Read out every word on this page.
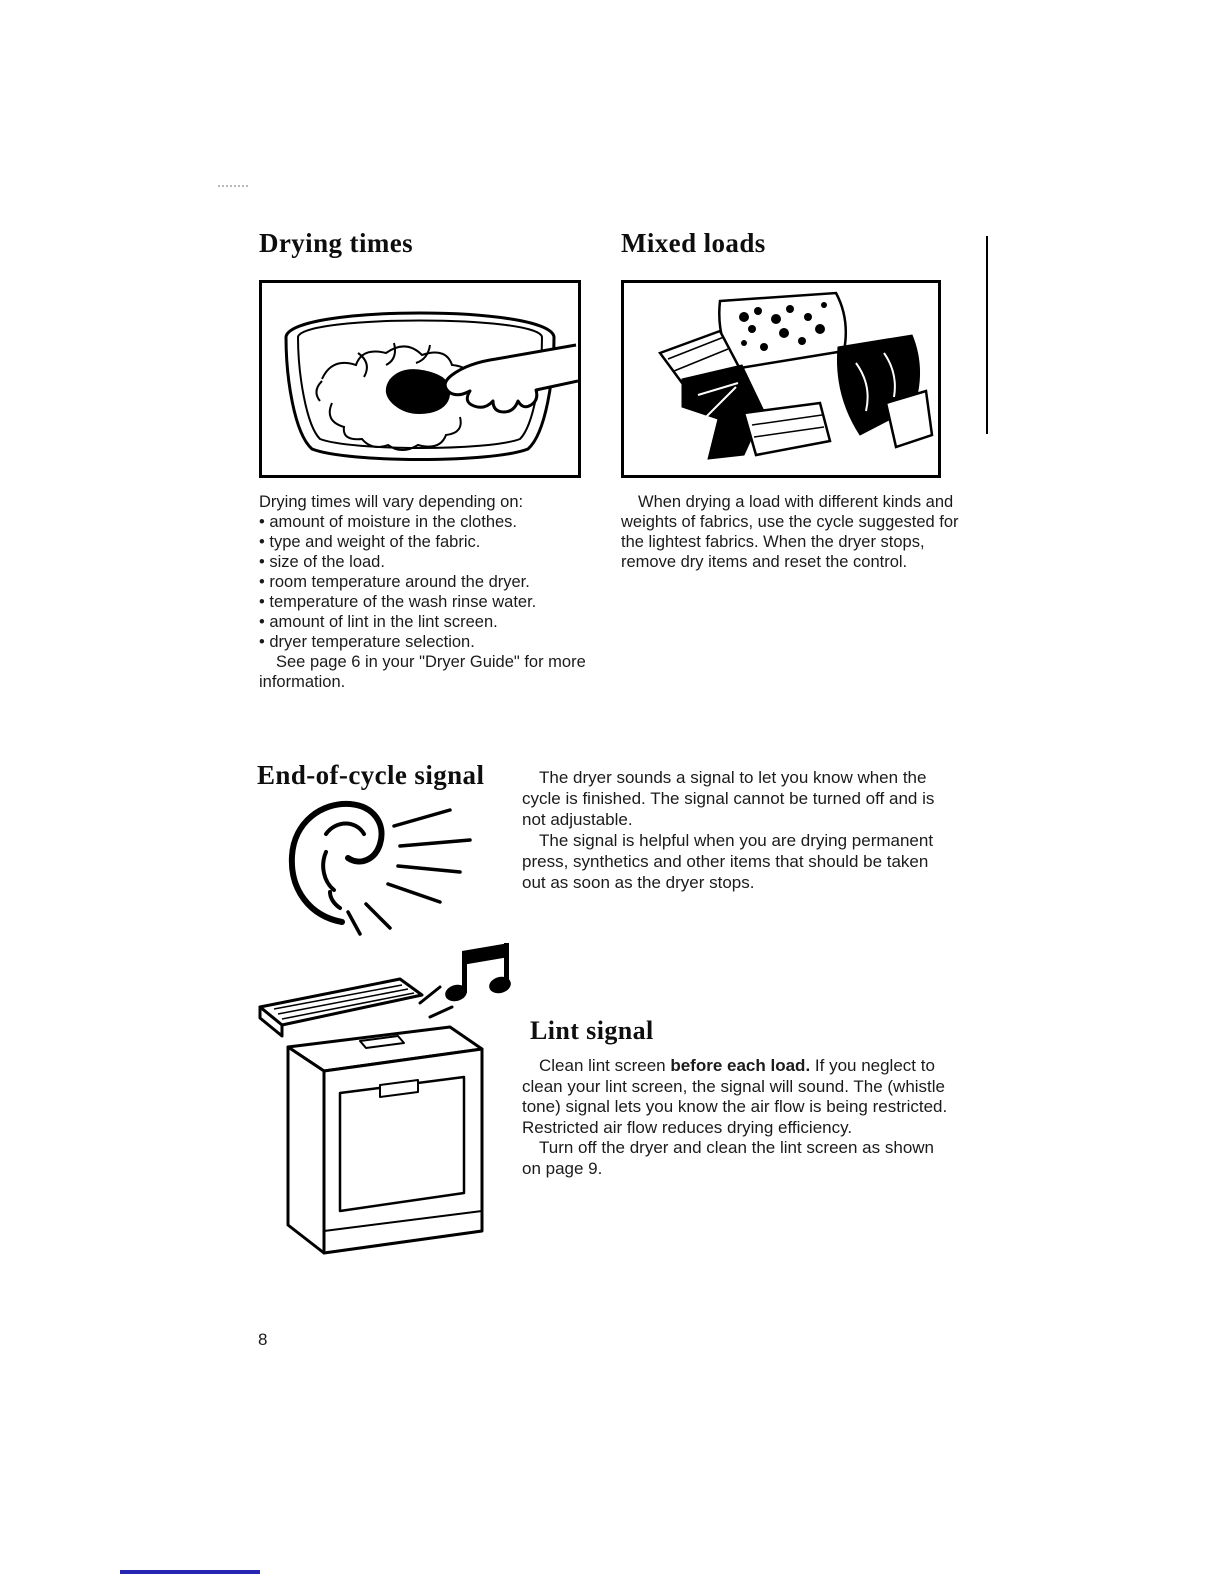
Drying times	Mixed loads

Drying times will vary depending on:

• amount of moisture in the clothes.
• type and weight of the fabric.
• size of the load.
• room temperature around the dryer.
• temperature of the wash rinse water.
• amount of lint in the lint screen.
• dryer temperature selection.

See page 6 in your "Dryer Guide" for more information.

When drying a load with different kinds and weights of fabrics, use the cycle suggested for the lightest fabrics. When the dryer stops, remove dry items and reset the control.

End-of-cycle signal	The dryer sounds a signal to let you know when the cycle is finished. The signal cannot be turned off and is not adjustable.

The signal is helpful when you are drying permanent press, synthetics and other items that should be taken out as soon as the dryer stops.

Lint signal

Clean lint screen before each load. If you neglect to clean your lint screen, the signal will sound. The (whistle tone) signal lets you know the air flow is being restricted. Restricted air flow reduces drying efficiency.

Turn off the dryer and clean the lint screen as shown on page 9.

8
